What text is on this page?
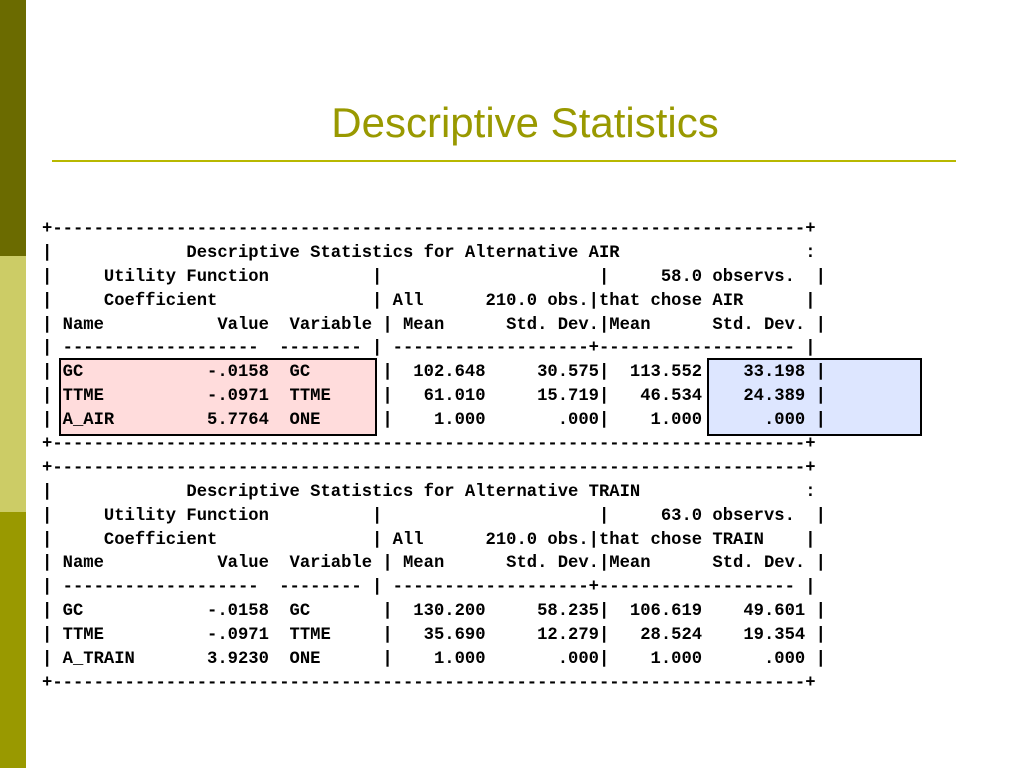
Descriptive Statistics
+-------------------------------------------------------------------------+
|             Descriptive Statistics for Alternative AIR                  :
|     Utility Function          |                     |     58.0 observs.  |
|     Coefficient               | All      210.0 obs.|that chose AIR      |
| Name           Value  Variable | Mean      Std. Dev.|Mean      Std. Dev. |
| -------------------  -------- | -------------------+------------------- |
| GC            -.0158  GC       |  102.648     30.575|  113.552    33.198 |
| TTME          -.0971  TTME     |   61.010     15.719|   46.534    24.389 |
| A_AIR         5.7764  ONE      |    1.000       .000|    1.000      .000 |
+-------------------------------------------------------------------------+
+-------------------------------------------------------------------------+
|             Descriptive Statistics for Alternative TRAIN                :
|     Utility Function          |                     |     63.0 observs.  |
|     Coefficient               | All      210.0 obs.|that chose TRAIN    |
| Name           Value  Variable | Mean      Std. Dev.|Mean      Std. Dev. |
| -------------------  -------- | -------------------+------------------- |
| GC            -.0158  GC       |  130.200     58.235|  106.619    49.601 |
| TTME          -.0971  TTME     |   35.690     12.279|   28.524    19.354 |
| A_TRAIN       3.9230  ONE      |    1.000       .000|    1.000      .000 |
+-------------------------------------------------------------------------+
